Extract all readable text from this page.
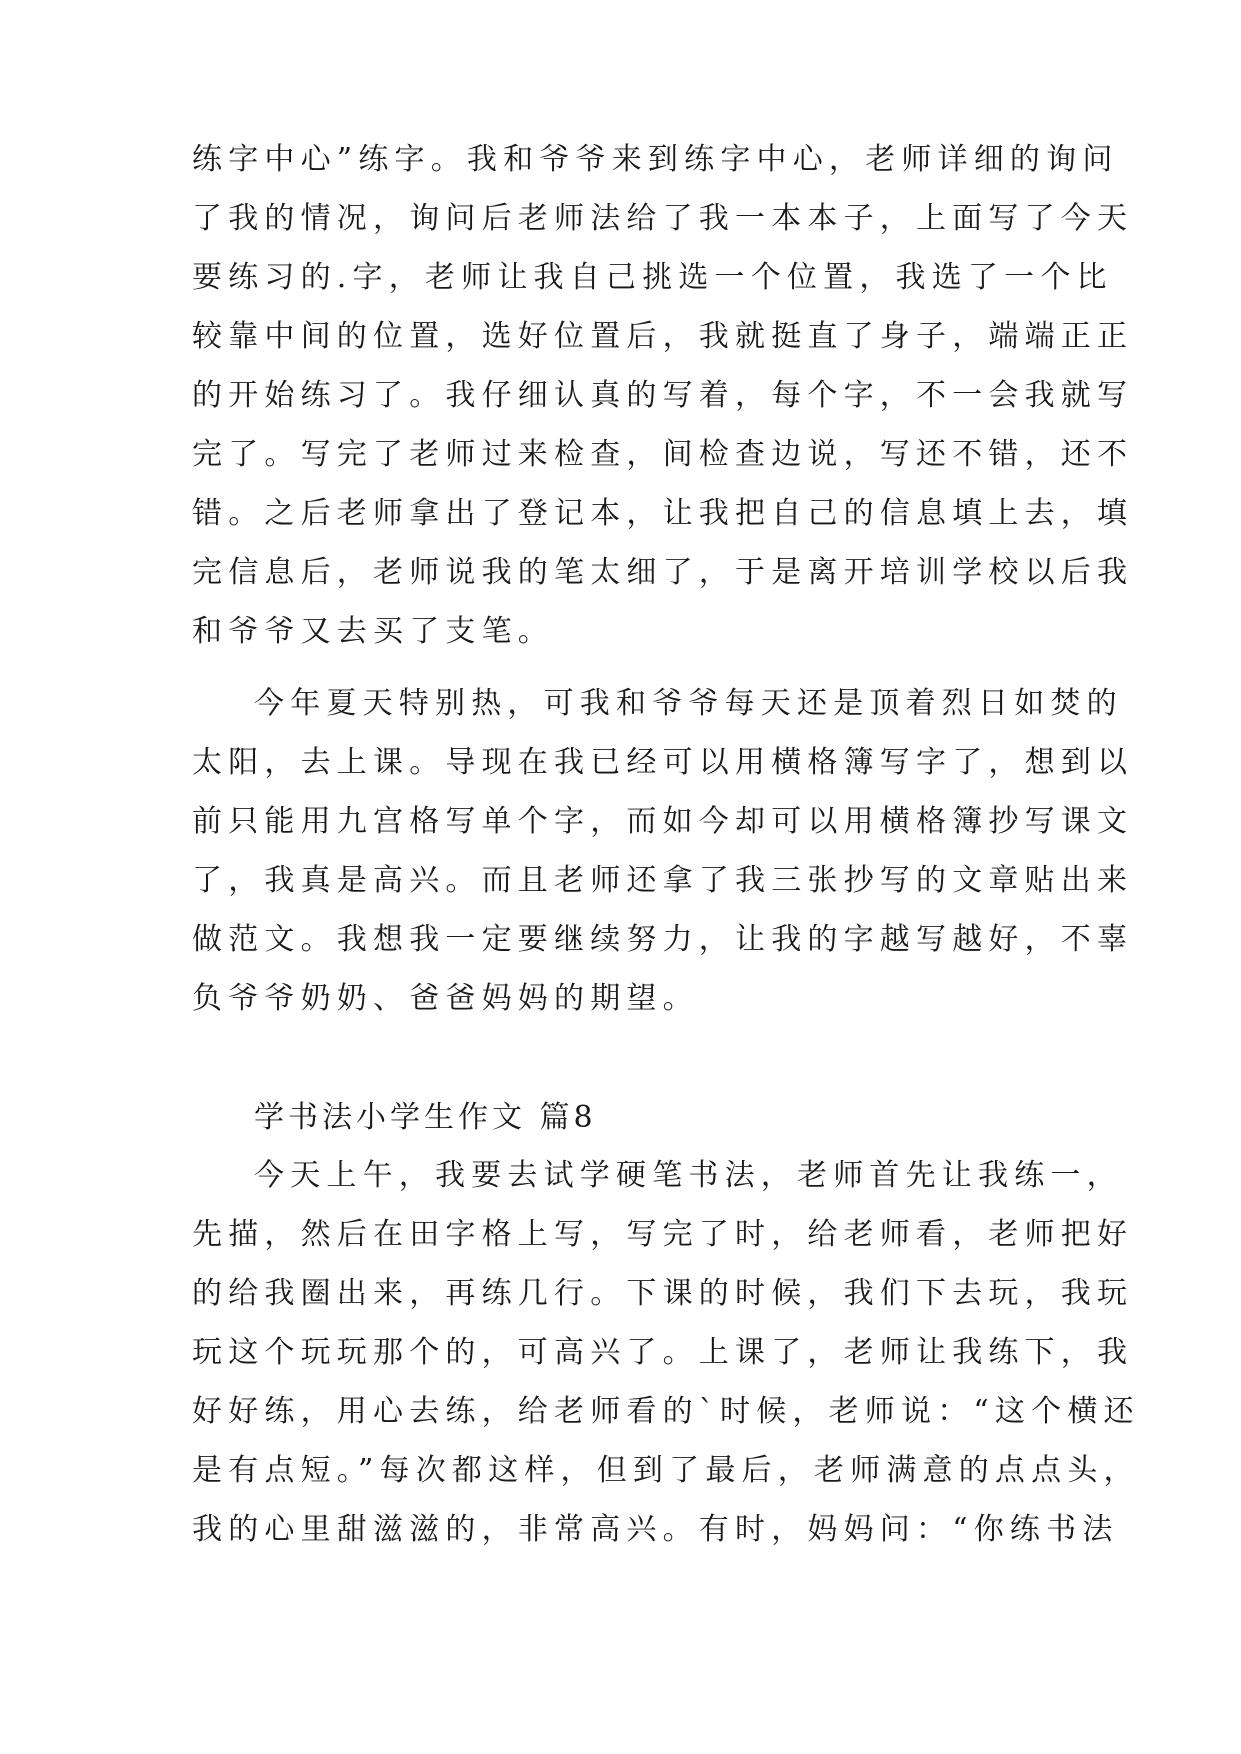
练字中心”练字。我和爷爷来到练字中心，老师详细的询问
了我的情况，询问后老师法给了我一本本子，上面写了今天
要练习的.字，老师让我自己挑选一个位置，我选了一个比
较靠中间的位置，选好位置后，我就挺直了身子，端端正正
的开始练习了。我仔细认真的写着，每个字，不一会我就写
完了。写完了老师过来检查，间检查边说，写还不错，还不
错。之后老师拿出了登记本，让我把自己的信息填上去，填
完信息后，老师说我的笔太细了，于是离开培训学校以后我
和爷爷又去买了支笔。
今年夏天特别热，可我和爷爷每天还是顶着烈日如焚的
太阳，去上课。导现在我已经可以用横格簿写字了，想到以
前只能用九宫格写单个字，而如今却可以用横格簿抄写课文
了，我真是高兴。而且老师还拿了我三张抄写的文章贴出来
做范文。我想我一定要继续努力，让我的字越写越好，不辜
负爷爷奶奶、爸爸妈妈的期望。
学书法小学生作文 篇8
今天上午，我要去试学硬笔书法，老师首先让我练一，
先描，然后在田字格上写，写完了时，给老师看，老师把好
的给我圈出来，再练几行。下课的时候，我们下去玩，我玩
玩这个玩玩那个的，可高兴了。上课了，老师让我练下，我
好好练，用心去练，给老师看的`时候，老师说：“这个横还
是有点短。”每次都这样，但到了最后，老师满意的点点头，
我的心里甜滋滋的，非常高兴。有时，妈妈问：“你练书法
